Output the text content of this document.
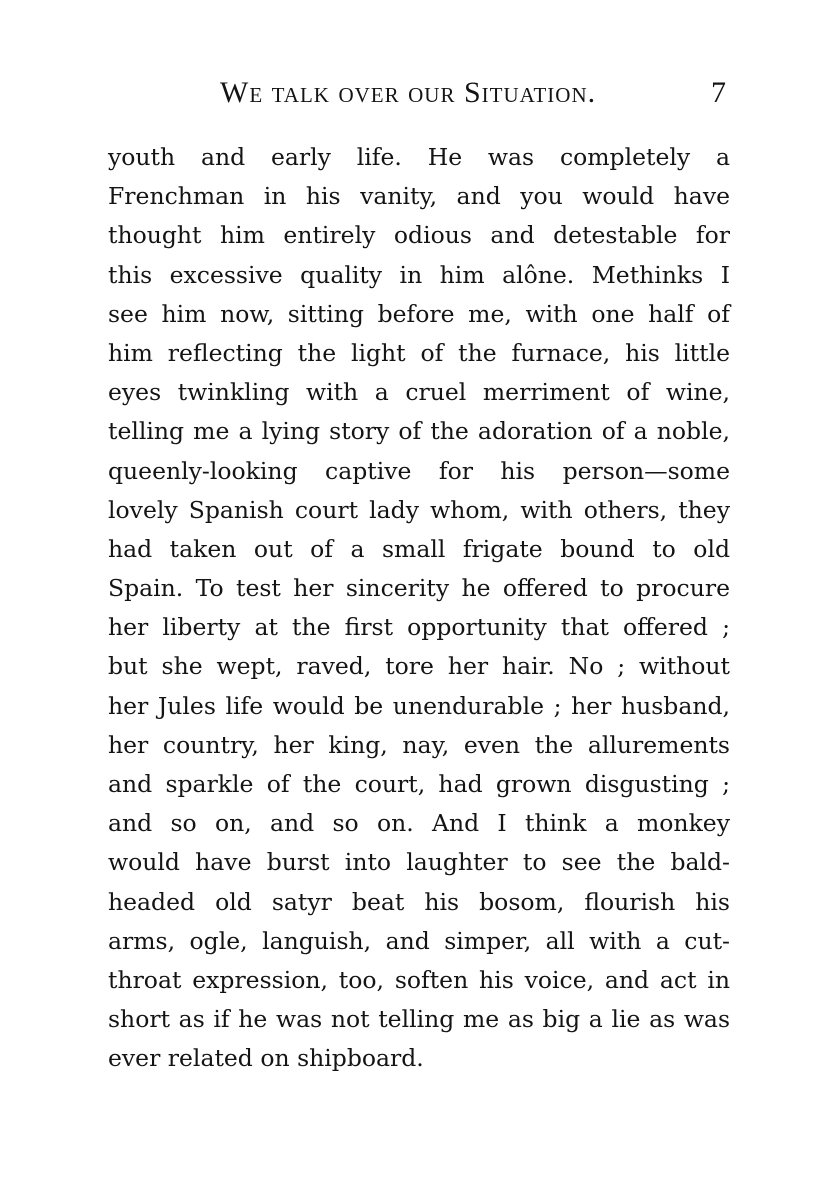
We talk over our Situation.	7
youth and early life. He was completely a
Frenchman in his vanity, and you would have
thought him entirely odious and detestable for
this excessive quality in him alône. Methinks I
see him now, sitting before me, with one half of
him reflecting the light of the furnace, his little
eyes twinkling with a cruel merriment of wine,
telling me a lying story of the adoration of a noble,
queenly-looking captive for his person—some
lovely Spanish court lady whom, with others, they
had taken out of a small frigate bound to old
Spain. To test her sincerity he offered to procure
her liberty at the first opportunity that offered ;
but she wept, raved, tore her hair. No ; without
her Jules life would be unendurable ; her husband,
her country, her king, nay, even the allurements
and sparkle of the court, had grown disgusting ;
and so on, and so on. And I think a monkey
would have burst into laughter to see the bald-
headed old satyr beat his bosom, flourish his
arms, ogle, languish, and simper, all with a cut-
throat expression, too, soften his voice, and act in
short as if he was not telling me as big a lie as was
ever related on shipboard.
